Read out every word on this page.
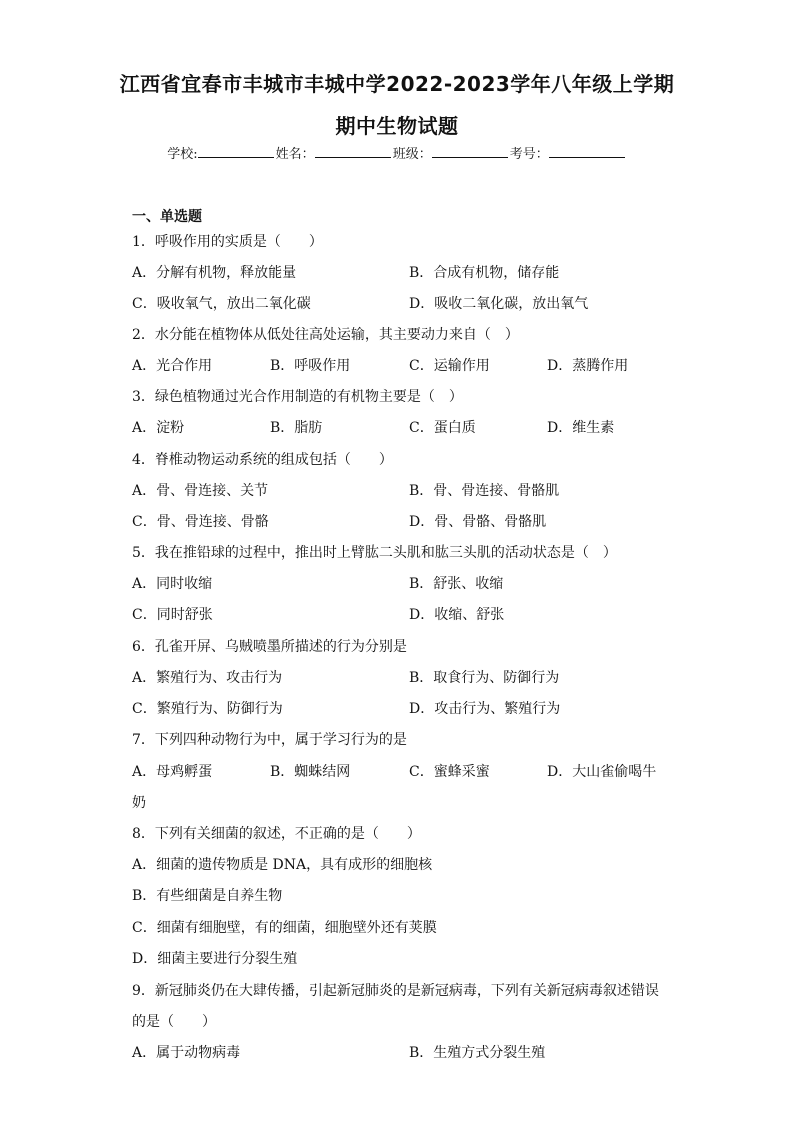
江西省宜春市丰城市丰城中学2022-2023学年八年级上学期
期中生物试题
学校:	姓名：	班级：	考号：
一、单选题
1．呼吸作用的实质是（　　）
A．分解有机物，释放能量	B．合成有机物，储存能
C．吸收氧气，放出二氧化碳	D．吸收二氧化碳，放出氧气
2．水分能在植物体从低处往高处运输，其主要动力来自（　）
A．光合作用	B．呼吸作用	C．运输作用	D．蒸腾作用
3．绿色植物通过光合作用制造的有机物主要是（　）
A．淀粉	B．脂肪	C．蛋白质	D．维生素
4．脊椎动物运动系统的组成包括（　　）
A．骨、骨连接、关节	B．骨、骨连接、骨骼肌
C．骨、骨连接、骨骼	D．骨、骨骼、骨骼肌
5．我在推铅球的过程中，推出时上臂肱二头肌和肱三头肌的活动状态是（　）
A．同时收缩	B．舒张、收缩
C．同时舒张	D．收缩、舒张
6．孔雀开屏、乌贼喷墨所描述的行为分别是
A．繁殖行为、攻击行为	B．取食行为、防御行为
C．繁殖行为、防御行为	D．攻击行为、繁殖行为
7．下列四种动物行为中，属于学习行为的是
A．母鸡孵蛋	B．蜘蛛结网	C．蜜蜂采蜜	D．大山雀偷喝牛
奶
8．下列有关细菌的叙述，不正确的是（　　）
A．细菌的遗传物质是 DNA，具有成形的细胞核
B．有些细菌是自养生物
C．细菌有细胞壁，有的细菌，细胞壁外还有荚膜
D．细菌主要进行分裂生殖
9．新冠肺炎仍在大肆传播，引起新冠肺炎的是新冠病毒，下列有关新冠病毒叙述错误
的是（　　）
A．属于动物病毒	B．生殖方式分裂生殖
